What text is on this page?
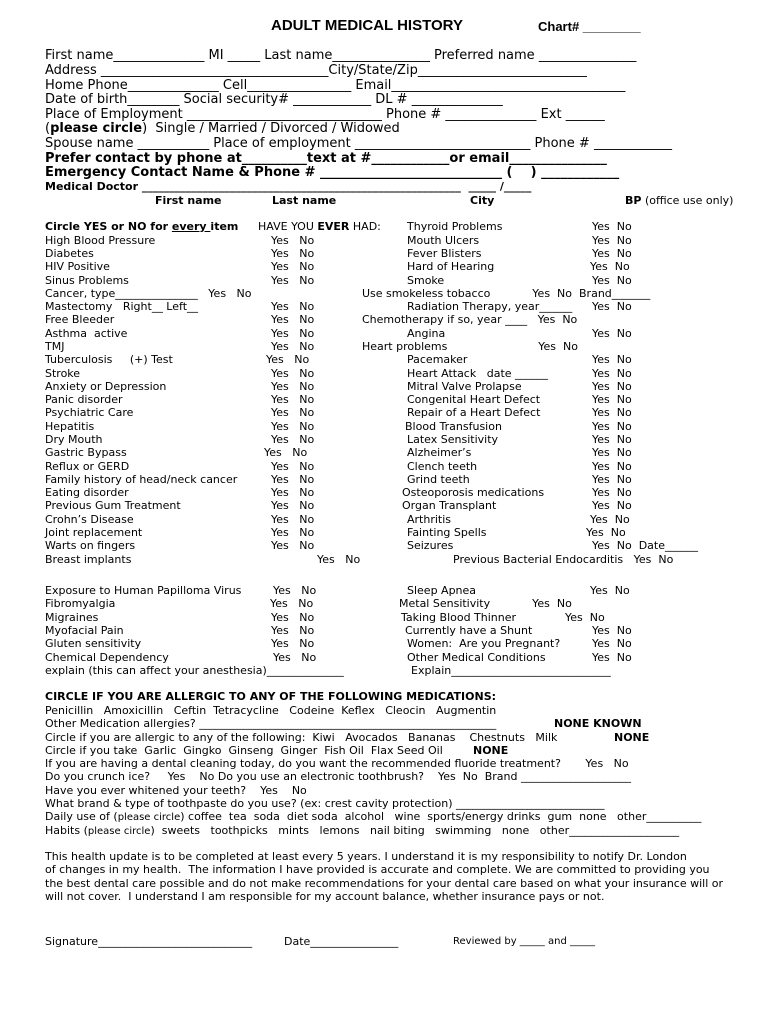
ADULT MEDICAL HISTORY	Chart# ________
First name______________ MI _____ Last name_______________ Preferred name _______________
Address ___________________________________City/State/Zip__________________________
Home Phone______________ Cell________________ Email____________________________________
Date of birth________ Social security# ____________ DL # ______________
Place of Employment ______________________________ Phone # ______________ Ext ______
(please circle)  Single / Married / Divorced / Widowed
Spouse name ___________ Place of employment ___________________________ Phone # ____________
Prefer contact by phone at__________text at #____________or email_______________
Emergency Contact Name & Phone # ____________________________ (    ) ____________
Medical Doctor __________________________________________________________  _____ /_____
First name	Last name	City	BP (office use only)
Circle YES or NO for every item HAVE YOU EVER HAD:
High Blood Pressure	Yes   No
Diabetes	Yes   No
HIV Positive	Yes   No
Sinus Problems	Yes   No
Cancer, type_______________   Yes   No
Mastectomy   Right__ Left__	Yes   No
Free Bleeder	Yes   No
Asthma  active	Yes   No
TMJ	Yes   No
Tuberculosis     (+) Test	Yes   No
Stroke	Yes   No
Anxiety or Depression	Yes   No
Panic disorder	Yes   No
Psychiatric Care	Yes   No
Hepatitis	Yes   No
Dry Mouth	Yes   No
Gastric Bypass	Yes   No
Reflux or GERD	Yes   No
Family history of head/neck cancer	Yes   No
Eating disorder	Yes   No
Previous Gum Treatment	Yes   No
Crohn’s Disease	Yes   No
Joint replacement	Yes   No
Warts on fingers	Yes   No
Breast implants	Yes   No
Thyroid Problems	Yes  No
Mouth Ulcers	Yes  No
Fever Blisters	Yes  No
Hard of Hearing	Yes  No
Smoke	Yes  No
Use smokeless tobacco            Yes  No  Brand_______
Radiation Therapy, year______ Yes  No
Chemotherapy if so, year ____   Yes  No
Angina	Yes  No
Heart problems                          Yes  No
Pacemaker	Yes  No
Heart Attack   date ______	Yes  No
Mitral Valve Prolapse	Yes  No
Congenital Heart Defect	Yes  No
Repair of a Heart Defect	Yes  No
Blood Transfusion	Yes  No
Latex Sensitivity	Yes  No
Alzheimer’s	Yes  No
Clench teeth	Yes  No
Grind teeth	Yes  No
Osteoporosis medications	Yes  No
Organ Transplant	Yes  No
Arthritis	Yes  No
Fainting Spells	Yes  No
Seizures	Yes  No  Date______
Previous Bacterial Endocarditis   Yes  No
Exposure to Human Papilloma Virus	Yes   No
Fibromyalgia	Yes   No
Migraines	Yes   No
Myofacial Pain	Yes   No
Gluten sensitivity	Yes   No
Chemical Dependency	Yes   No
explain (this can affect your anesthesia)______________
Sleep Apnea	Yes  No
Metal Sensitivity            Yes  No
Taking Blood Thinner              Yes  No
Currently have a Shunt	Yes  No
Women:  Are you Pregnant?	Yes  No
Other Medical Conditions	Yes  No
Explain_____________________________
CIRCLE IF YOU ARE ALLERGIC TO ANY OF THE FOLLOWING MEDICATIONS:
Penicillin   Amoxicillin   Ceftin  Tetracycline   Codeine  Keflex   Cleocin   Augmentin
Other Medication allergies? ______________________________________________________	NONE KNOWN
Circle if you are allergic to any of the following:  Kiwi   Avocados   Bananas    Chestnuts   Milk	NONE
Circle if you take  Garlic  Gingko  Ginseng  Ginger  Fish Oil  Flax Seed Oil	NONE
If you are having a dental cleaning today, do you want the recommended fluoride treatment?       Yes   No
Do you crunch ice?     Yes    No Do you use an electronic toothbrush?    Yes  No  Brand ____________________
Have you ever whitened your teeth?    Yes    No
What brand & type of toothpaste do you use? (ex: crest cavity protection) ___________________________
Daily use of (please circle) coffee  tea  soda  diet soda  alcohol   wine  sports/energy drinks  gum  none   other__________
Habits (please circle)  sweets   toothpicks   mints   lemons   nail biting   swimming   none   other____________________
This health update is to be completed at least every 5 years. I understand it is my responsibility to notify Dr. London
of changes in my health.  The information I have provided is accurate and complete. We are committed to providing you
the best dental care possible and do not make recommendations for your dental care based on what your insurance will or
will not cover.  I understand I am responsible for my account balance, whether insurance pays or not.
Signature____________________________	Date________________	Reviewed by _____ and _____
